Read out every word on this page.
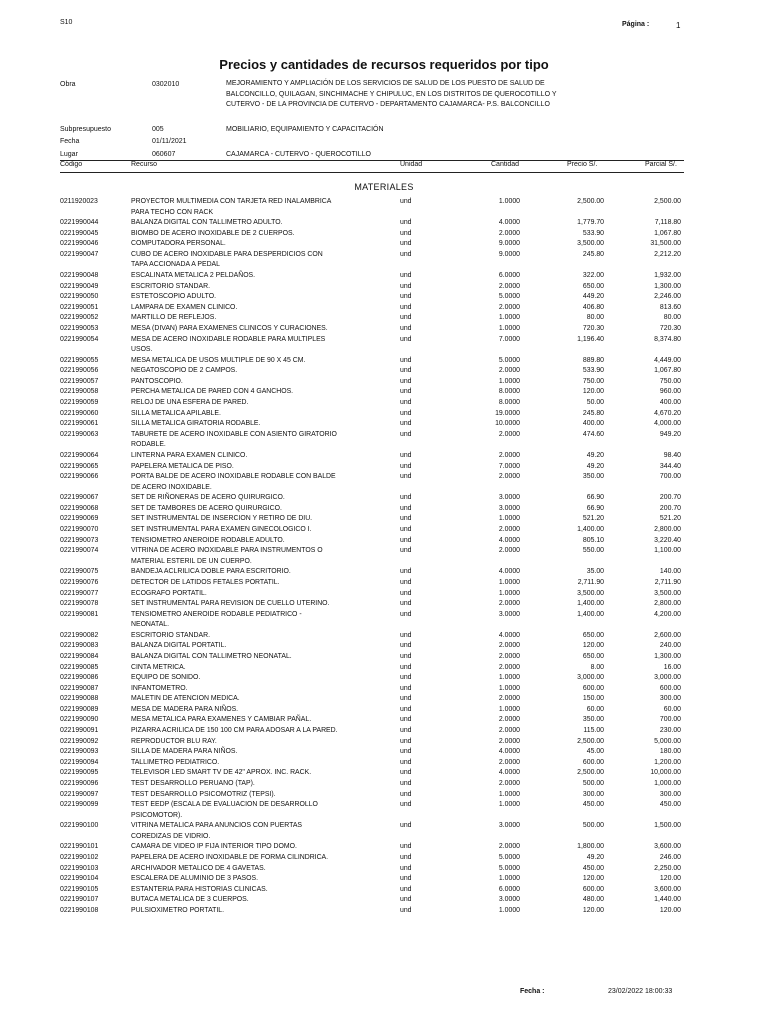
S10	Página :	1
Precios y cantidades de recursos requeridos por tipo
Obra	0302010	MEJORAMIENTO Y AMPLIACIÓN DE LOS SERVICIOS DE SALUD DE LOS PUESTO DE SALUD DE BALCONCILLO, QUILAGAN, SINCHIMACHE Y CHIPULUC, EN LOS DISTRITOS DE QUEROCOTILLO Y CUTERVO - DE LA PROVINCIA DE CUTERVO - DEPARTAMENTO CAJAMARCA- P.S. BALCONCILLO
Subpresupuesto	005	MOBILIARIO, EQUIPAMIENTO Y CAPACITACIÓN
Fecha	01/11/2021
Lugar	060607	CAJAMARCA - CUTERVO - QUEROCOTILLO
Código	Recurso	Unidad	Cantidad	Precio S/.	Parcial S/.
MATERIALES
0211920023	PROYECTOR MULTIMEDIA CON TARJETA RED INALAMBRICA	und	1.0000	2,500.00	2,500.00
PARA TECHO CON RACK
0221990044	BALANZA DIGITAL CON TALLIMETRO ADULTO.	und	4.0000	1,779.70	7,118.80
0221990045	BIOMBO DE ACERO INOXIDABLE DE 2 CUERPOS.	und	2.0000	533.90	1,067.80
0221990046	COMPUTADORA PERSONAL.	und	9.0000	3,500.00	31,500.00
0221990047	CUBO DE ACERO INOXIDABLE PARA DESPERDICIOS CON	und	9.0000	245.80	2,212.20
TAPA ACCIONADA A PEDAL
0221990048	ESCALINATA METALICA 2 PELDAÑOS.	und	6.0000	322.00	1,932.00
0221990049	ESCRITORIO STANDAR.	und	2.0000	650.00	1,300.00
0221990050	ESTETOSCOPIO ADULTO.	und	5.0000	449.20	2,246.00
0221990051	LAMPARA DE EXAMEN CLINICO.	und	2.0000	406.80	813.60
0221990052	MARTILLO DE REFLEJOS.	und	1.0000	80.00	80.00
0221990053	MESA (DIVAN) PARA EXAMENES CLINICOS Y CURACIONES.	und	1.0000	720.30	720.30
0221990054	MESA DE ACERO INOXIDABLE RODABLE PARA MULTIPLES	und	7.0000	1,196.40	8,374.80
USOS.
0221990055	MESA METALICA DE USOS MULTIPLE DE 90 X 45 CM.	und	5.0000	889.80	4,449.00
0221990056	NEGATOSCOPIO DE 2 CAMPOS.	und	2.0000	533.90	1,067.80
0221990057	PANTOSCOPIO.	und	1.0000	750.00	750.00
0221990058	PERCHA METALICA DE PARED CON 4 GANCHOS.	und	8.0000	120.00	960.00
0221990059	RELOJ DE UNA ESFERA DE PARED.	und	8.0000	50.00	400.00
0221990060	SILLA METALICA APILABLE.	und	19.0000	245.80	4,670.20
0221990061	SILLA METALICA GIRATORIA RODABLE.	und	10.0000	400.00	4,000.00
0221990063	TABURETE DE ACERO INOXIDABLE CON ASIENTO GIRATORIO	und	2.0000	474.60	949.20
RODABLE.
0221990064	LINTERNA PARA EXAMEN CLINICO.	und	2.0000	49.20	98.40
0221990065	PAPELERA METALICA DE PISO.	und	7.0000	49.20	344.40
0221990066	PORTA BALDE DE ACERO INOXIDABLE RODABLE CON BALDE	und	2.0000	350.00	700.00
DE ACERO INOXIDABLE.
0221990067	SET DE RIÑONERAS DE ACERO QUIRURGICO.	und	3.0000	66.90	200.70
0221990068	SET DE TAMBORES DE ACERO QUIRURGICO.	und	3.0000	66.90	200.70
0221990069	SET INSTRUMENTAL DE INSERCION Y RETIRO DE DIU.	und	1.0000	521.20	521.20
0221990070	SET INSTRUMENTAL PARA EXAMEN GINECOLOGICO I.	und	2.0000	1,400.00	2,800.00
0221990073	TENSIOMETRO ANEROIDE RODABLE ADULTO.	und	4.0000	805.10	3,220.40
0221990074	VITRINA DE ACERO INOXIDABLE PARA INSTRUMENTOS O	und	2.0000	550.00	1,100.00
MATERIAL ESTERIL DE UN CUERPO.
0221990075	BANDEJA ACLRILICA DOBLE PARA ESCRITORIO.	und	4.0000	35.00	140.00
0221990076	DETECTOR DE LATIDOS FETALES PORTATIL.	und	1.0000	2,711.90	2,711.90
0221990077	ECOGRAFO PORTATIL.	und	1.0000	3,500.00	3,500.00
0221990078	SET INSTRUMENTAL PARA REVISION DE CUELLO UTERINO.	und	2.0000	1,400.00	2,800.00
0221990081	TENSIOMETRO ANEROIDE RODABLE PEDIATRICO -	und	3.0000	1,400.00	4,200.00
NEONATAL.
0221990082	ESCRITORIO STANDAR.	und	4.0000	650.00	2,600.00
0221990083	BALANZA DIGITAL PORTATIL.	und	2.0000	120.00	240.00
0221990084	BALANZA DIGITAL CON TALLIMETRO NEONATAL.	und	2.0000	650.00	1,300.00
0221990085	CINTA METRICA.	und	2.0000	8.00	16.00
0221990086	EQUIPO DE SONIDO.	und	1.0000	3,000.00	3,000.00
0221990087	INFANTOMETRO.	und	1.0000	600.00	600.00
0221990088	MALETIN DE ATENCION MEDICA.	und	2.0000	150.00	300.00
0221990089	MESA DE MADERA PARA NIÑOS.	und	1.0000	60.00	60.00
0221990090	MESA METALICA PARA EXAMENES Y CAMBIAR PAÑAL.	und	2.0000	350.00	700.00
0221990091	PIZARRA ACRILICA DE 150 100 CM PARA ADOSAR A LA PARED.	und	2.0000	115.00	230.00
0221990092	REPRODUCTOR BLU RAY.	und	2.0000	2,500.00	5,000.00
0221990093	SILLA DE MADERA PARA NIÑOS.	und	4.0000	45.00	180.00
0221990094	TALLIMETRO PEDIATRICO.	und	2.0000	600.00	1,200.00
0221990095	TELEVISOR LED SMART TV DE 42" APROX. INC. RACK.	und	4.0000	2,500.00	10,000.00
0221990096	TEST DESARROLLO PERUANO (TAP).	und	2.0000	500.00	1,000.00
0221990097	TEST DESARROLLO PSICOMOTRIZ (TEPSI).	und	1.0000	300.00	300.00
0221990099	TEST EEDP (ESCALA DE EVALUACION DE DESARROLLO	und	1.0000	450.00	450.00
PSICOMOTOR).
0221990100	VITRINA METALICA PARA ANUNCIOS CON PUERTAS	und	3.0000	500.00	1,500.00
COREDIZAS DE VIDRIO.
0221990101	CAMARA DE VIDEO IP FIJA INTERIOR TIPO DOMO.	und	2.0000	1,800.00	3,600.00
0221990102	PAPELERA DE ACERO INOXIDABLE DE FORMA CILINDRICA.	und	5.0000	49.20	246.00
0221990103	ARCHIVADOR METALICO DE 4 GAVETAS.	und	5.0000	450.00	2,250.00
0221990104	ESCALERA DE ALUMINIO DE 3 PASOS.	und	1.0000	120.00	120.00
0221990105	ESTANTERIA PARA HISTORIAS CLINICAS.	und	6.0000	600.00	3,600.00
0221990107	BUTACA METALICA DE 3 CUERPOS.	und	3.0000	480.00	1,440.00
0221990108	PULSIOXIMETRO PORTATIL.	und	1.0000	120.00	120.00
Fecha :	23/02/2022 18:00:33
